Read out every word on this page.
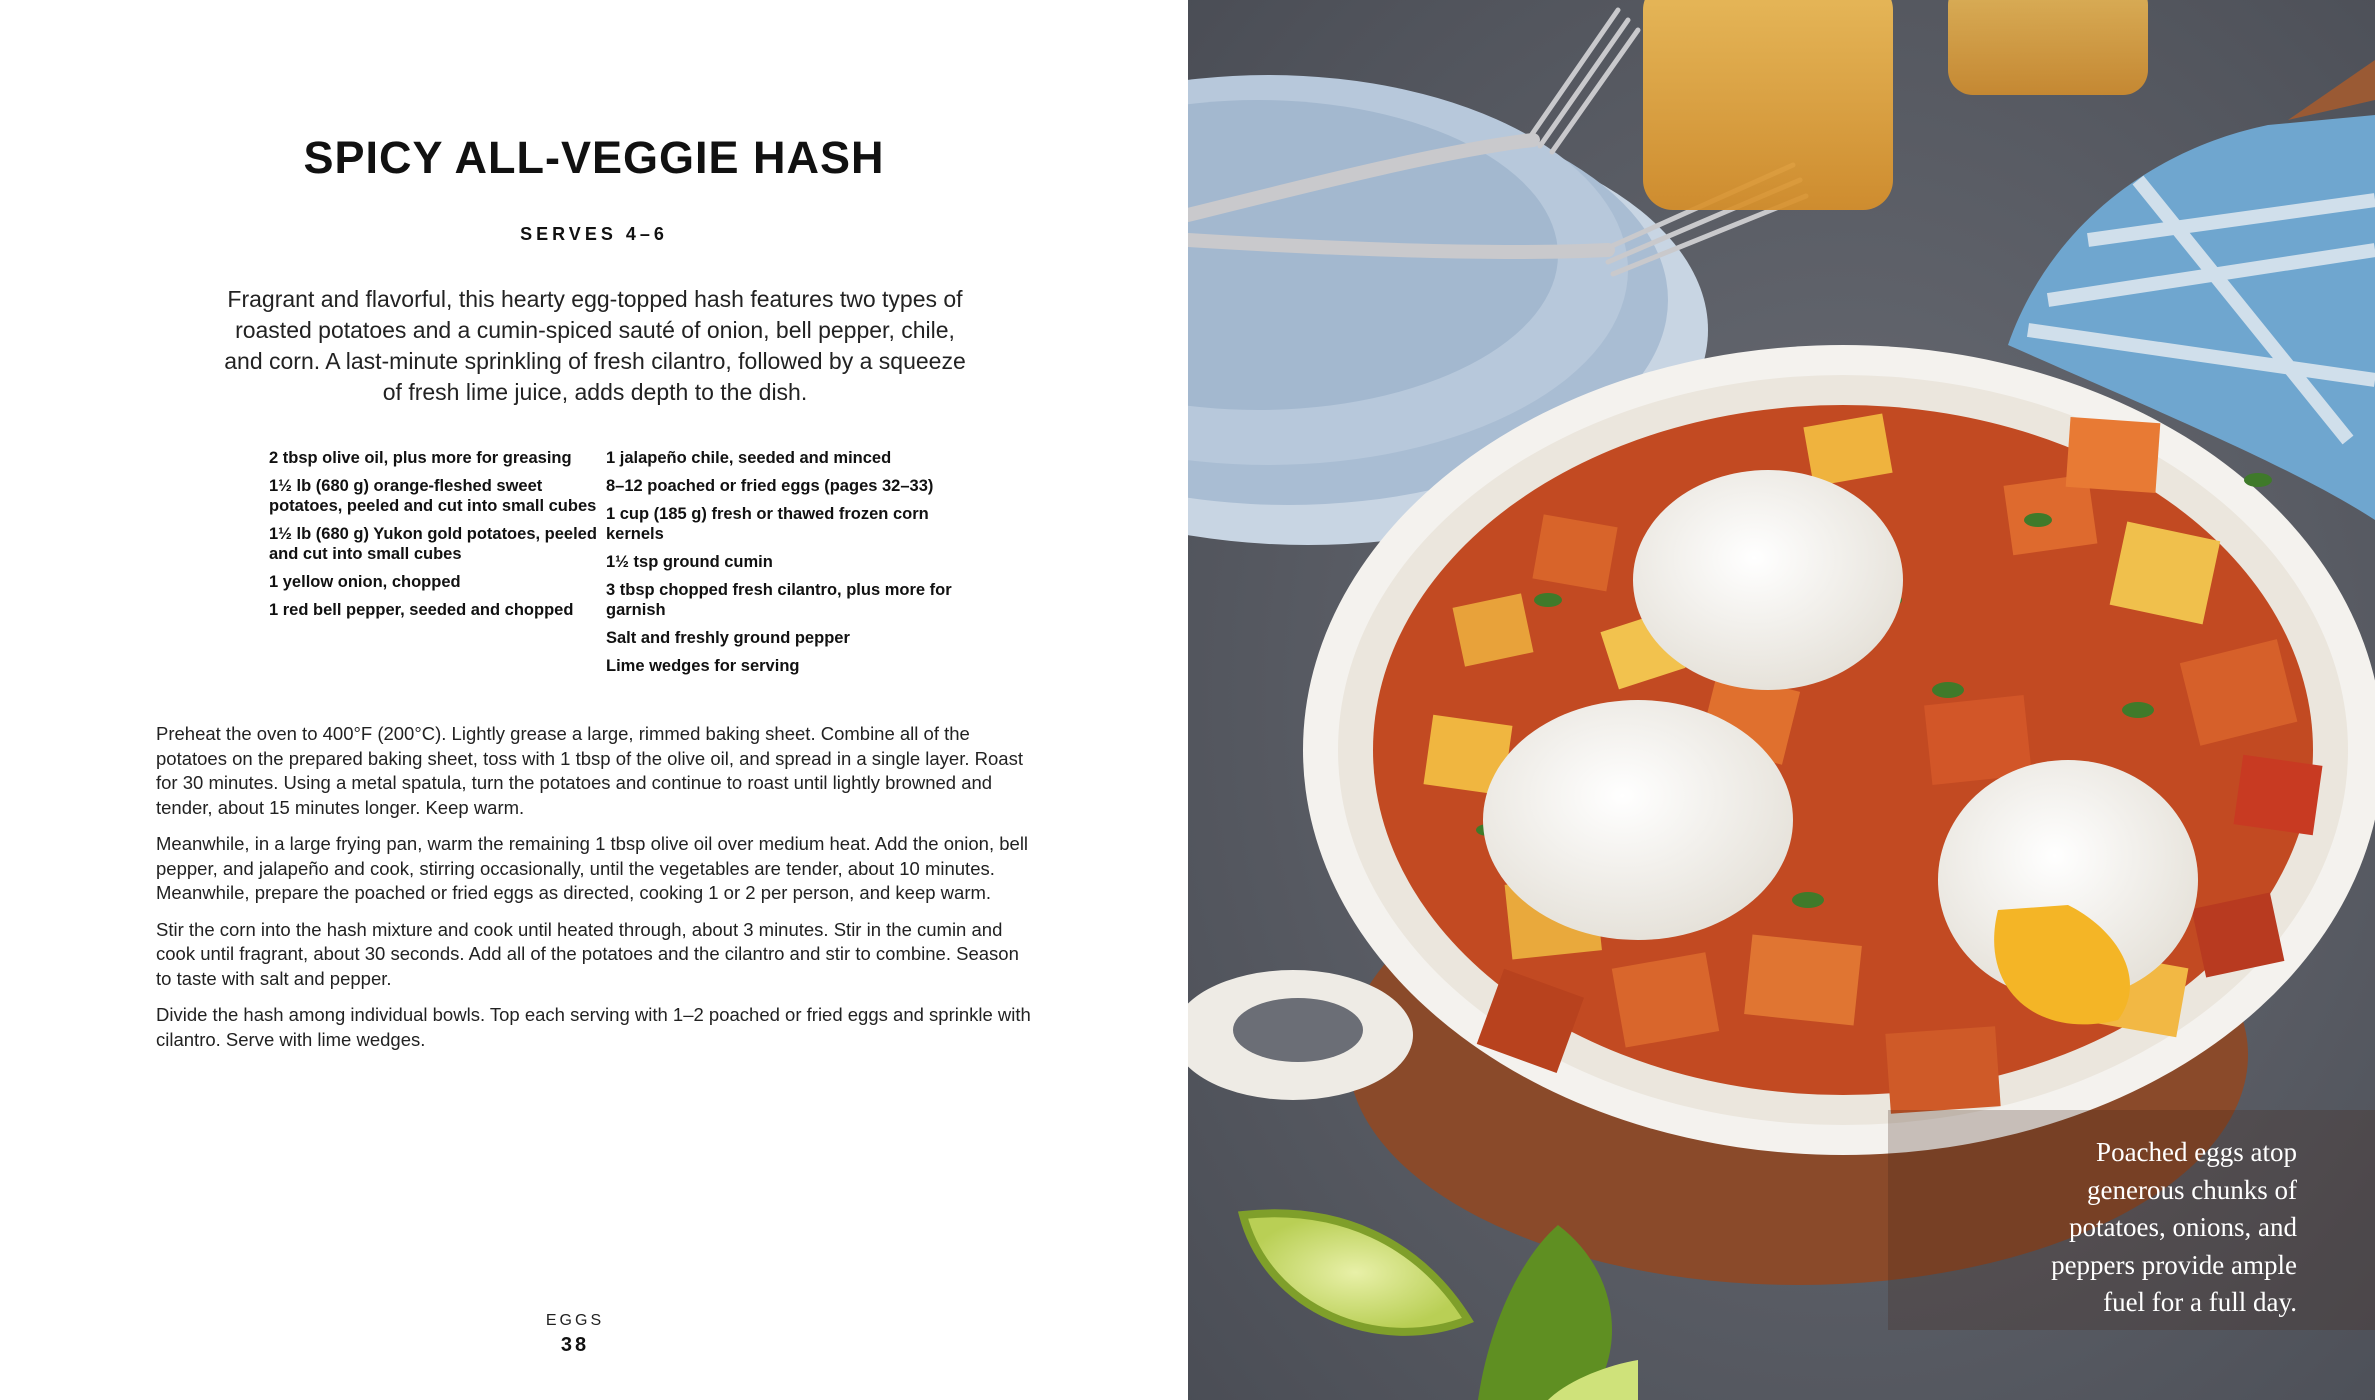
SPICY ALL-VEGGIE HASH
SERVES 4–6
Fragrant and flavorful, this hearty egg-topped hash features two types of roasted potatoes and a cumin-spiced sauté of onion, bell pepper, chile, and corn. A last-minute sprinkling of fresh cilantro, followed by a squeeze of fresh lime juice, adds depth to the dish.
2 tbsp olive oil, plus more for greasing
1½ lb (680 g) orange-fleshed sweet potatoes, peeled and cut into small cubes
1½ lb (680 g) Yukon gold potatoes, peeled and cut into small cubes
1 yellow onion, chopped
1 red bell pepper, seeded and chopped
1 jalapeño chile, seeded and minced
8–12 poached or fried eggs (pages 32–33)
1 cup (185 g) fresh or thawed frozen corn kernels
1½ tsp ground cumin
3 tbsp chopped fresh cilantro, plus more for garnish
Salt and freshly ground pepper
Lime wedges for serving

Preheat the oven to 400°F (200°C). Lightly grease a large, rimmed baking sheet. Combine all of the potatoes on the prepared baking sheet, toss with 1 tbsp of the olive oil, and spread in a single layer. Roast for 30 minutes. Using a metal spatula, turn the potatoes and continue to roast until lightly browned and tender, about 15 minutes longer. Keep warm.

Meanwhile, in a large frying pan, warm the remaining 1 tbsp olive oil over medium heat. Add the onion, bell pepper, and jalapeño and cook, stirring occasionally, until the vegetables are tender, about 10 minutes. Meanwhile, prepare the poached or fried eggs as directed, cooking 1 or 2 per person, and keep warm.

Stir the corn into the hash mixture and cook until heated through, about 3 minutes. Stir in the cumin and cook until fragrant, about 30 seconds. Add all of the potatoes and the cilantro and stir to combine. Season to taste with salt and pepper.

Divide the hash among individual bowls. Top each serving with 1–2 poached or fried eggs and sprinkle with cilantro. Serve with lime wedges.

EGGS
38
Poached eggs atop
generous chunks of
potatoes, onions, and
peppers provide ample
fuel for a full day.
